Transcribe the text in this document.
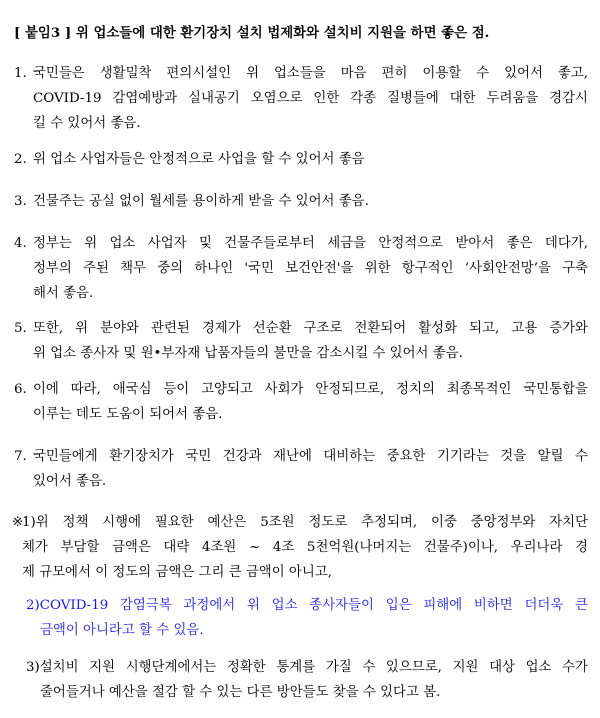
[ 붙임3 ] 위 업소들에 대한 환기장치 설치 법제화와 설치비 지원을 하면 좋은 점.
1. 국민들은 생활밀착 편의시설인 위 업소들을 마음 편히 이용할 수 있어서 좋고,
COVID-19 감염예방과 실내공기 오염으로 인한 각종 질병들에 대한 두려움을 경감시
킬 수 있어서 좋음.
2. 위 업소 사업자들은 안정적으로 사업을 할 수 있어서 좋음
3. 건물주는 공실 없이 월세를 용이하게 받을 수 있어서 좋음.
4. 정부는 위 업소 사업자 및 건물주들로부터 세금을 안정적으로 받아서 좋은 데다가,
정부의 주된 책무 중의 하나인 '국민 보건안전'을 위한 항구적인 ‘사회안전망’을 구축
해서 좋음.
5. 또한, 위 분야와 관련된 경제가 선순환 구조로 전환되어 활성화 되고, 고용 증가와
위 업소 종사자 및 원•부자재 납품자들의 불만을 감소시킬 수 있어서 좋음.
6. 이에 따라, 애국심 등이 고양되고 사회가 안정되므로, 정치의 최종목적인 국민통합을
이루는 데도 도움이 되어서 좋음.
7. 국민들에게 환기장치가 국민 건강과 재난에 대비하는 중요한 기기라는 것을 알릴 수
있어서 좋음.
※
1)위 정책 시행에 필요한 예산은 5조원 정도로 추정되며, 이중 중앙정부와 자치단
체가 부담할 금액은 대략 4조원 ~ 4조 5천억원(나머지는 건물주)이나, 우리나라 경
제 규모에서 이 정도의 금액은 그리 큰 금액이 아니고,
2)COVID-19 감염극복 과정에서 위 업소 종사자들이 입은 피해에 비하면 더더욱 큰
금액이 아니라고 할 수 있음.
3)설치비 지원 시행단계에서는 정확한 통계를 가질 수 있으므로, 지원 대상 업소 수가
줄어들거나 예산을 절감 할 수 있는 다른 방안들도 찾을 수 있다고 봄.
